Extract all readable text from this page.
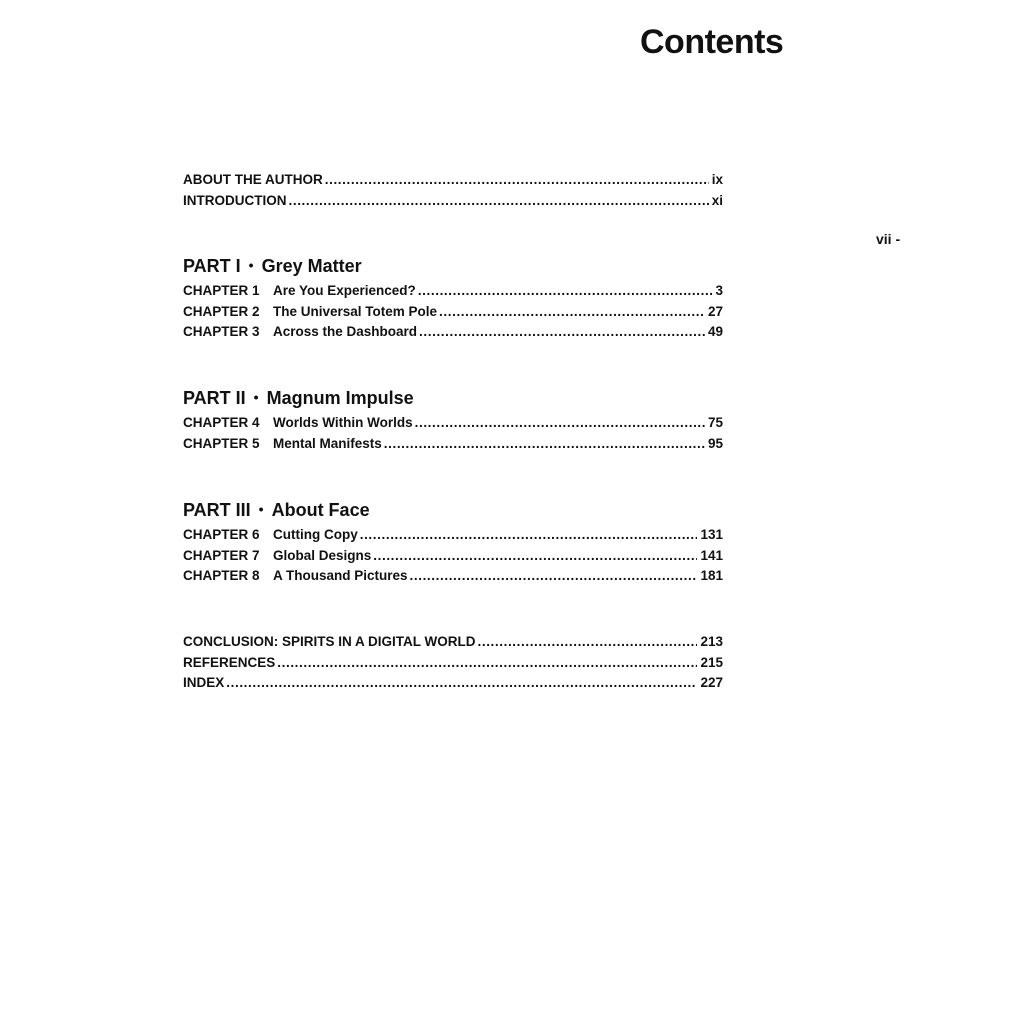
Contents
vii -
ABOUT THE AUTHOR .....	ix
INTRODUCTION .....	xi
PART I • Grey Matter
CHAPTER 1 Are You Experienced? .....	3
CHAPTER 2 The Universal Totem Pole .....	27
CHAPTER 3 Across the Dashboard .....	49
PART II • Magnum Impulse
CHAPTER 4 Worlds Within Worlds .....	75
CHAPTER 5 Mental Manifests .....	95
PART III • About Face
CHAPTER 6 Cutting Copy .....	131
CHAPTER 7 Global Designs .....	141
CHAPTER 8 A Thousand Pictures .....	181
CONCLUSION: SPIRITS IN A DIGITAL WORLD .....	213
REFERENCES .....	215
INDEX .....	227
